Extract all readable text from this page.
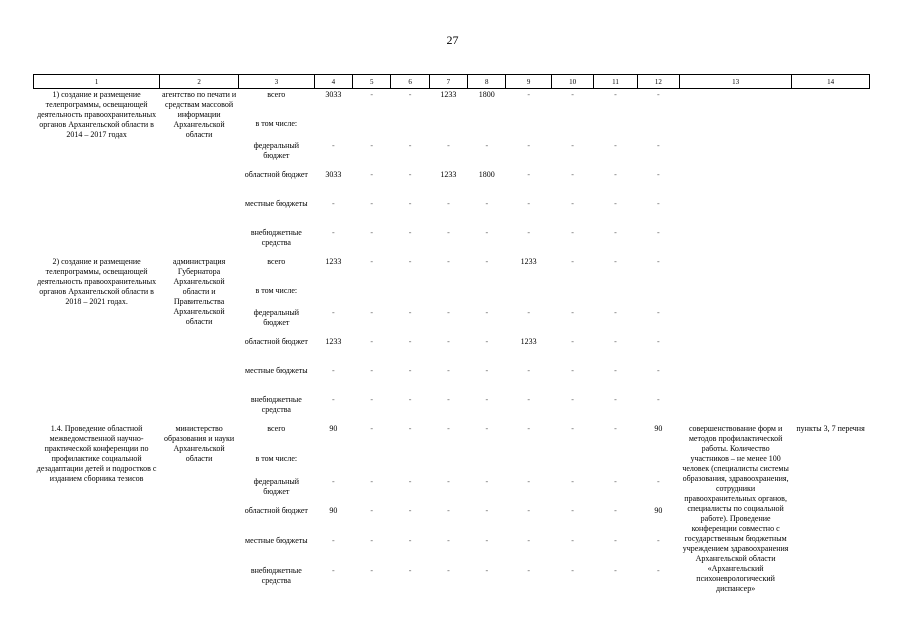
27
1	2	3	4	5	6	7	8	9	10	11	12	13	14
1) создание и размещение телепрограммы, освещающей деятельность правоохранительных органов Архангельской области в 2014 – 2017 годах	агентство по печати и средствам массовой информации Архангельской области	всего	3033	-	-	1233	1800	-	-	-	-		
		в том числе:											
		федеральный бюджет	-	-	-	-	-	-	-	-	-		
		областной бюджет	3033	-	-	1233	1800	-	-	-	-		
		местные бюджеты	-	-	-	-	-	-	-	-	-		
		внебюджетные средства	-	-	-	-	-	-	-	-	-		
2) создание и размещение телепрограммы, освещающей деятельность правоохранительных органов Архангельской области в 2018 – 2021 годах.	администрация Губернатора Архангельской области и Правительства Архангельской области	всего	1233	-	-	-	-	1233	-	-	-		
		в том числе:											
		федеральный бюджет	-	-	-	-	-	-	-	-	-		
		областной бюджет	1233	-	-	-	-	1233	-	-	-		
		местные бюджеты	-	-	-	-	-	-	-	-	-		
		внебюджетные средства	-	-	-	-	-	-	-	-	-		
1.4. Проведение областной межведомственной научно-практической конференции по профилактике социальной дезадаптации детей и подростков с изданием сборника тезисов	министерство образования и науки Архангельской области	всего	90	-	-	-	-	-	-	-	90	совершенствование форм и методов профилактической работы. Количество участников – не менее 100 человек (специалисты системы образования, здравоохранения, сотрудники правоохранительных органов, специалисты по социальной работе). Проведение конференции совместно с государственным бюджетным учреждением здравоохранения Архангельской области «Архангельский психоневрологический диспансер»	пункты 3, 7 перечня
		в том числе:											
		федеральный бюджет	-	-	-	-	-	-	-	-	-		
		областной бюджет	90	-	-	-	-	-	-	-	90		
		местные бюджеты	-	-	-	-	-	-	-	-	-		
		внебюджетные средства	-	-	-	-	-	-	-	-	-		
